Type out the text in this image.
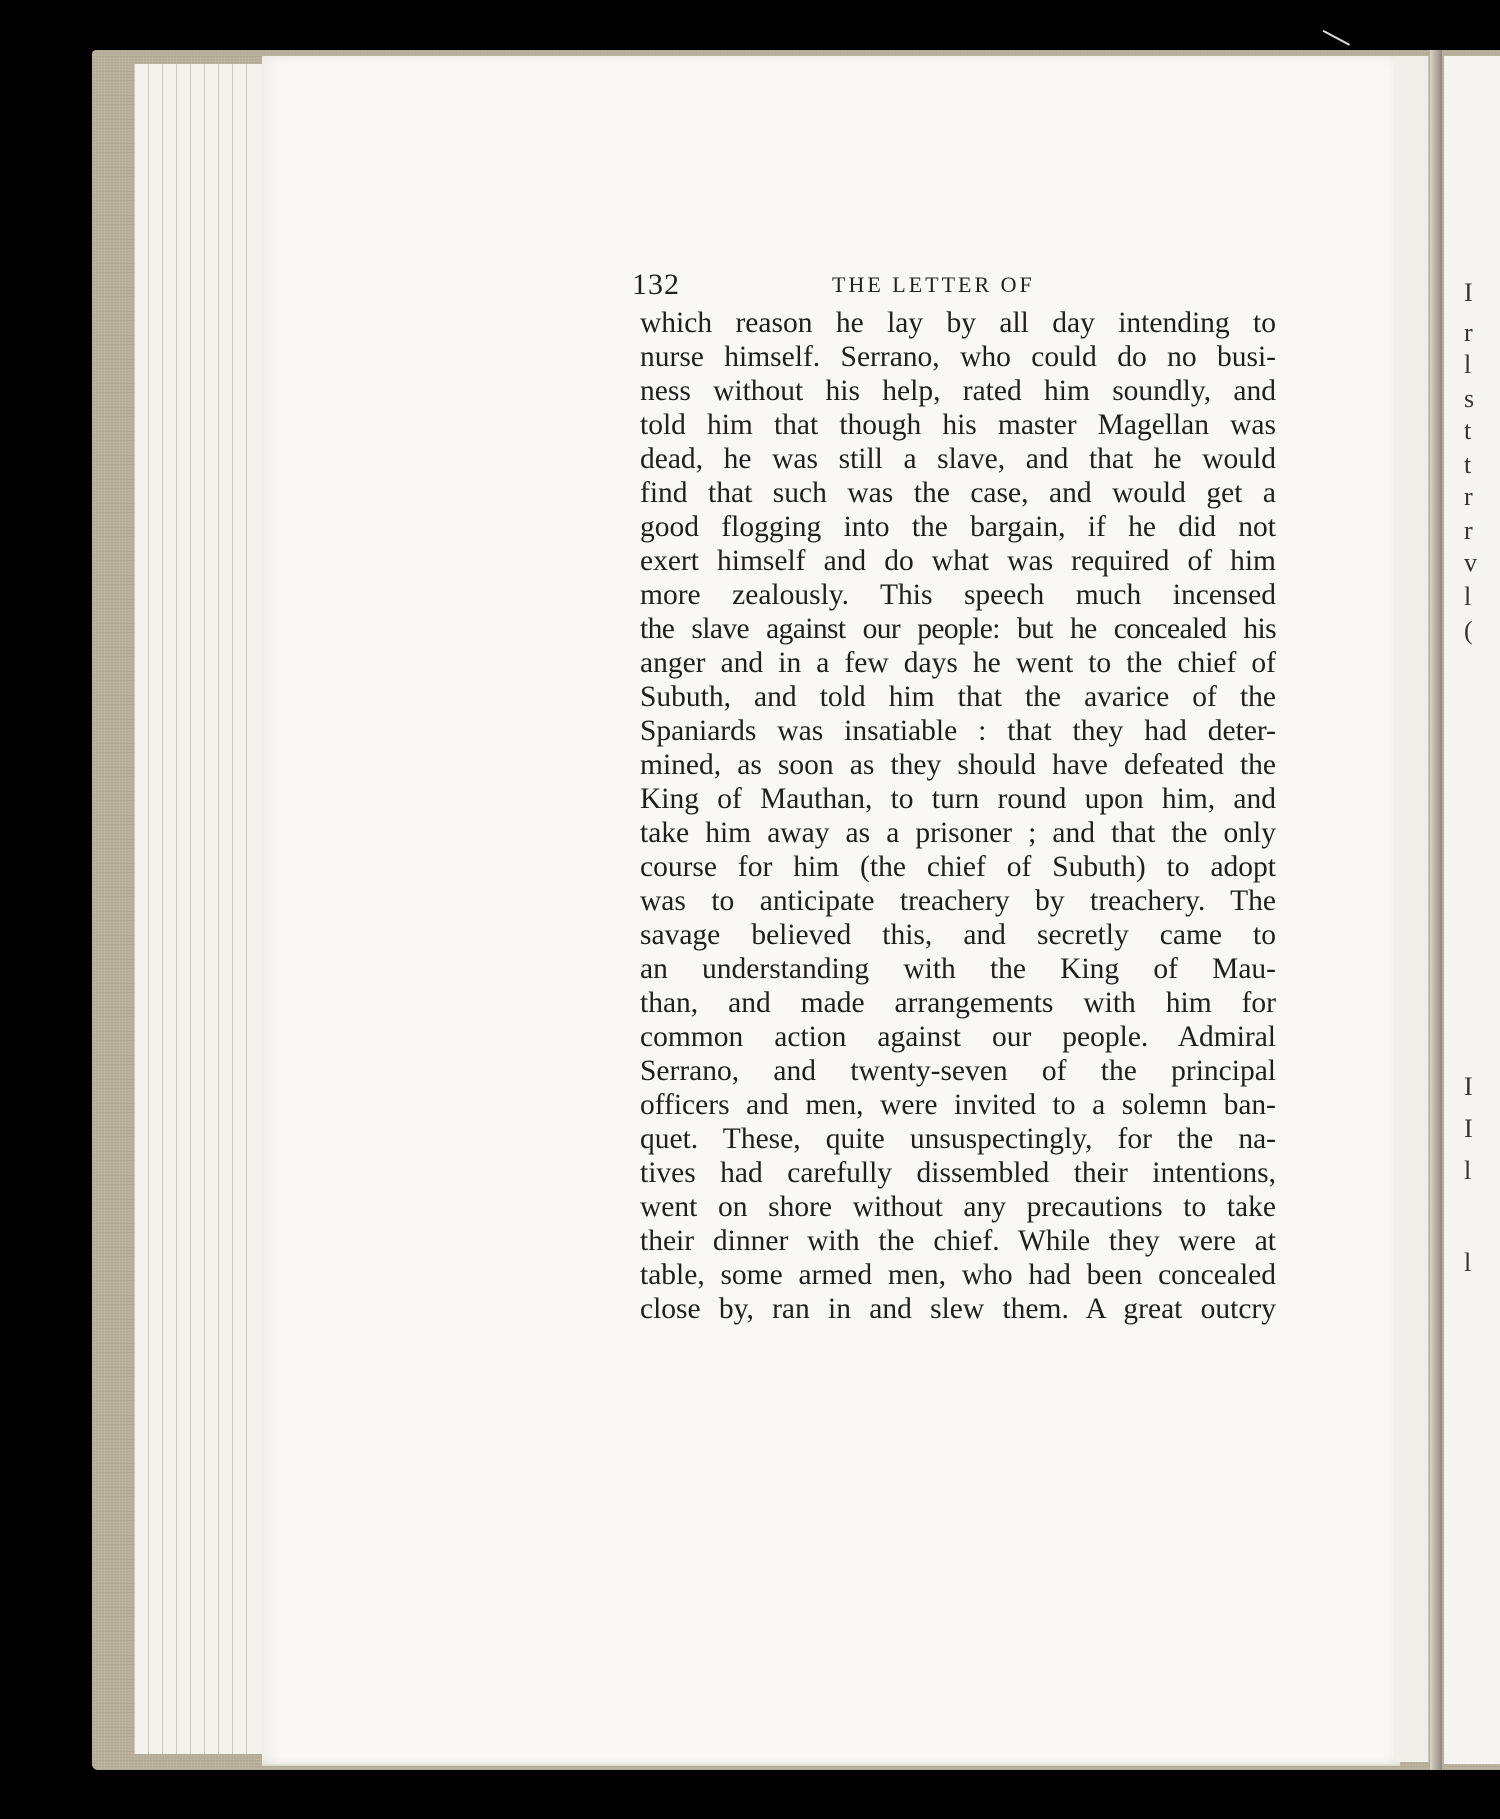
I
r
l
s
t
t
r
r
v
l
(
I
I
l
l
132	THE LETTER OF
which reason he lay by all day intending to
nurse himself. Serrano, who could do no busi-
ness without his help, rated him soundly, and
told him that though his master Magellan was
dead, he was still a slave, and that he would
find that such was the case, and would get a
good flogging into the bargain, if he did not
exert himself and do what was required of him
more zealously. This speech much incensed
the slave against our people: but he concealed his
anger and in a few days he went to the chief of
Subuth, and told him that the avarice of the
Spaniards was insatiable : that they had deter-
mined, as soon as they should have defeated the
King of Mauthan, to turn round upon him, and
take him away as a prisoner ; and that the only
course for him (the chief of Subuth) to adopt
was to anticipate treachery by treachery. The
savage believed this, and secretly came to
an understanding with the King of Mau-
than, and made arrangements with him for
common action against our people. Admiral
Serrano, and twenty-seven of the principal
officers and men, were invited to a solemn ban-
quet. These, quite unsuspectingly, for the na-
tives had carefully dissembled their intentions,
went on shore without any precautions to take
their dinner with the chief. While they were at
table, some armed men, who had been concealed
close by, ran in and slew them. A great outcry
